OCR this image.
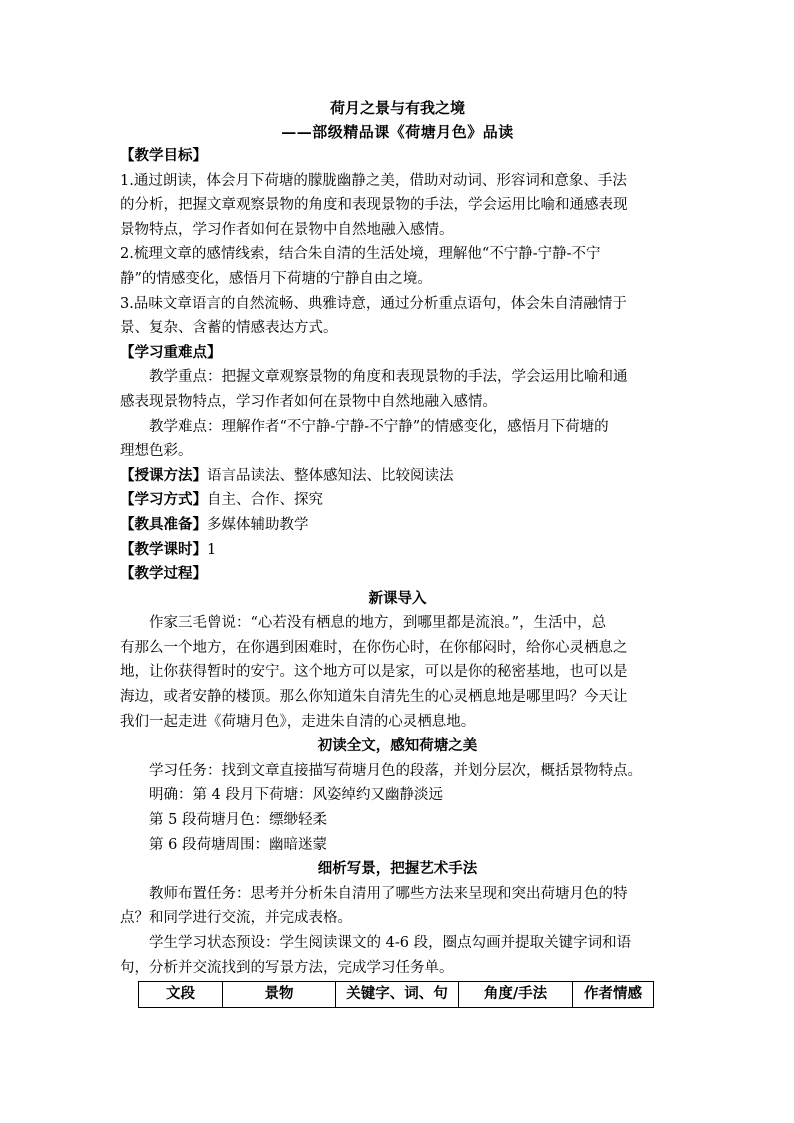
荷月之景与有我之境
——部级精品课《荷塘月色》品读
【教学目标】
1.通过朗读，体会月下荷塘的朦胧幽静之美，借助对动词、形容词和意象、手法
的分析，把握文章观察景物的角度和表现景物的手法，学会运用比喻和通感表现
景物特点，学习作者如何在景物中自然地融入感情。
2.梳理文章的感情线索，结合朱自清的生活处境，理解他“不宁静-宁静-不宁
静”的情感变化，感悟月下荷塘的宁静自由之境。
3.品味文章语言的自然流畅、典雅诗意，通过分析重点语句，体会朱自清融情于
景、复杂、含蓄的情感表达方式。
【学习重难点】
教学重点：把握文章观察景物的角度和表现景物的手法，学会运用比喻和通
感表现景物特点，学习作者如何在景物中自然地融入感情。
教学难点：理解作者“不宁静-宁静-不宁静”的情感变化，感悟月下荷塘的
理想色彩。
【授课方法】语言品读法、整体感知法、比较阅读法
【学习方式】自主、合作、探究
【教具准备】多媒体辅助教学
【教学课时】1
【教学过程】
新课导入
作家三毛曾说：“心若没有栖息的地方，到哪里都是流浪。”，生活中，总
有那么一个地方，在你遇到困难时，在你伤心时，在你郁闷时，给你心灵栖息之
地，让你获得暂时的安宁。这个地方可以是家，可以是你的秘密基地，也可以是
海边，或者安静的楼顶。那么你知道朱自清先生的心灵栖息地是哪里吗？今天让
我们一起走进《荷塘月色》，走进朱自清的心灵栖息地。
初读全文，感知荷塘之美
学习任务：找到文章直接描写荷塘月色的段落，并划分层次，概括景物特点。
明确：第 4 段月下荷塘：风姿绰约又幽静淡远
第 5 段荷塘月色：缥缈轻柔
第 6 段荷塘周围：幽暗迷蒙
细析写景，把握艺术手法
教师布置任务：思考并分析朱自清用了哪些方法来呈现和突出荷塘月色的特
点？和同学进行交流，并完成表格。
学生学习状态预设：学生阅读课文的 4-6 段，圈点勾画并提取关键字词和语
句，分析并交流找到的写景方法，完成学习任务单。
文段	景物	关键字、词、句	角度/手法	作者情感
